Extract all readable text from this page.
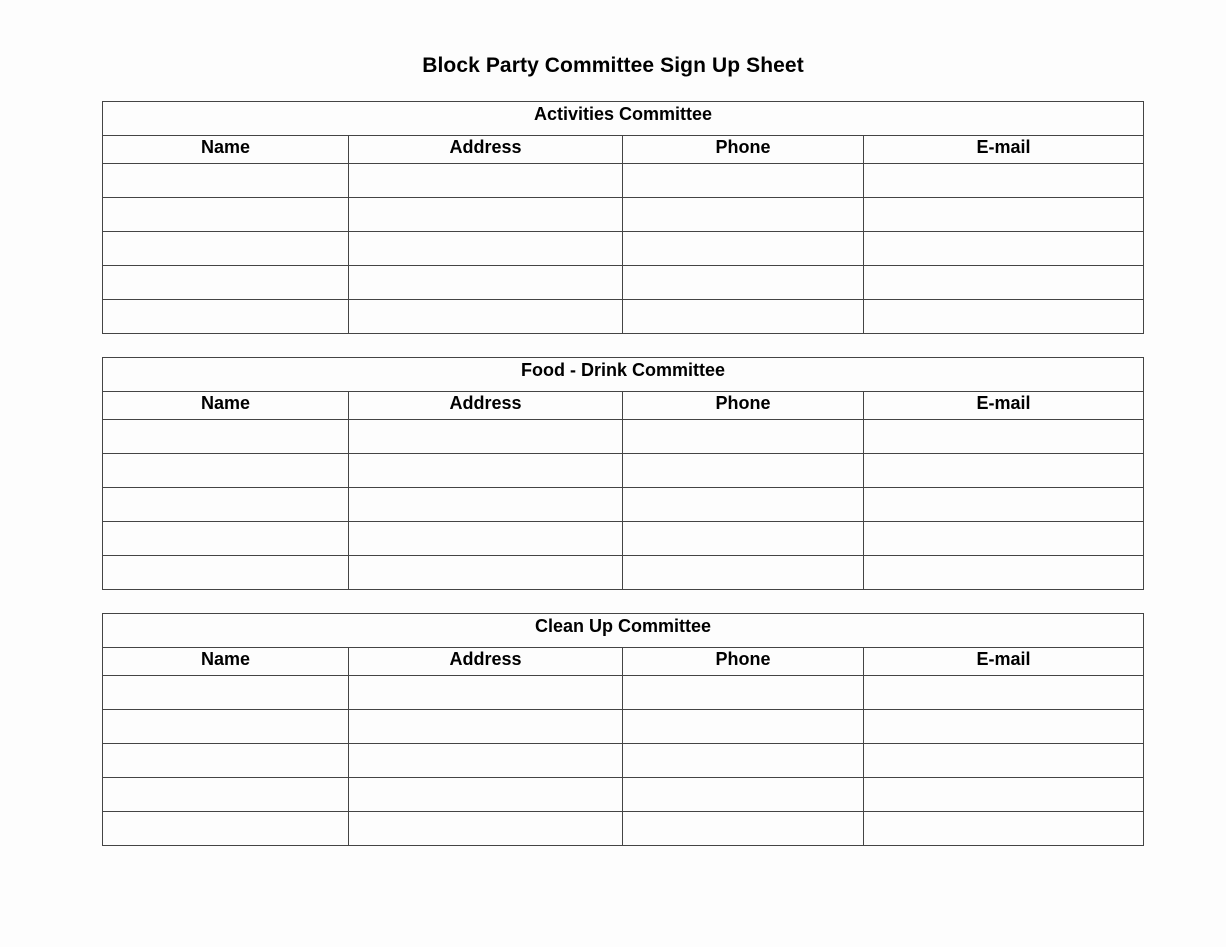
Block Party Committee Sign Up Sheet
Activities Committee			
Name	Address	Phone	E-mail

Food - Drink Committee			
Name	Address	Phone	E-mail

Clean Up Committee			
Name	Address	Phone	E-mail
